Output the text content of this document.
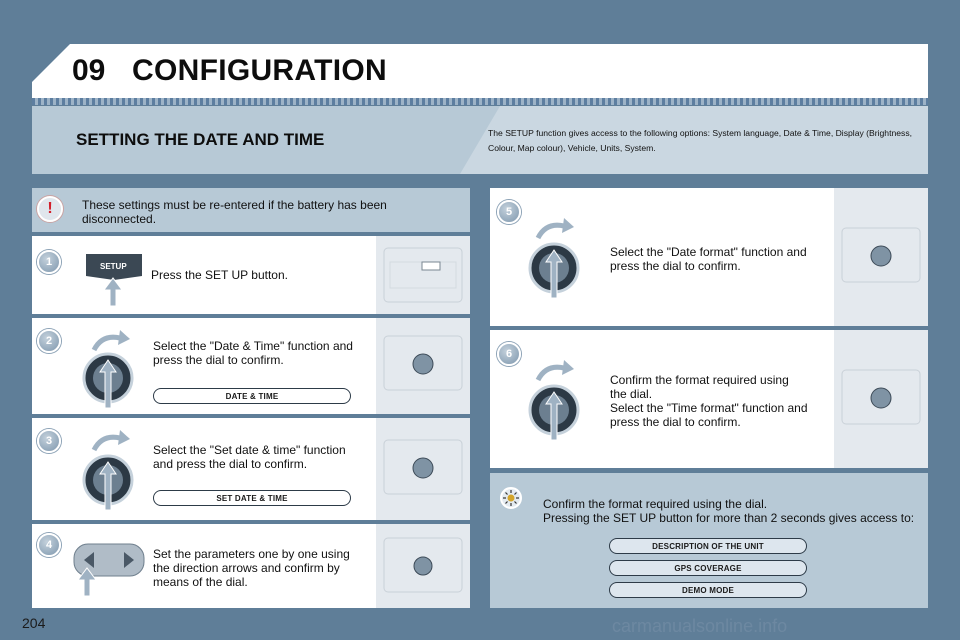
09 CONFIGURATION
SETTING THE DATE AND TIME	The SETUP function gives access to the following options: System language, Date & Time, Display (Brightness, Colour, Map colour), Vehicle, Units, System.
! These settings must be re-entered if the battery has been disconnected.
1	SETUP
Press the SET UP button.
2	Select the "Date & Time" function and press the dial to confirm.
DATE & TIME
3
Select the "Set date & time" function and press the dial to confirm.
SET DATE & TIME
4
Set the parameters one by one using the direction arrows and confirm by means of the dial.
5
Select the "Date format" function and press the dial to confirm.
6
Confirm the format required using
the dial.
Select the "Time format" function and press the dial to confirm.
Confirm the format required using the dial.
Pressing the SET UP button for more than 2 seconds gives access to:
DESCRIPTION OF THE UNIT
GPS COVERAGE
DEMO MODE
204	carmanualsonline.info
